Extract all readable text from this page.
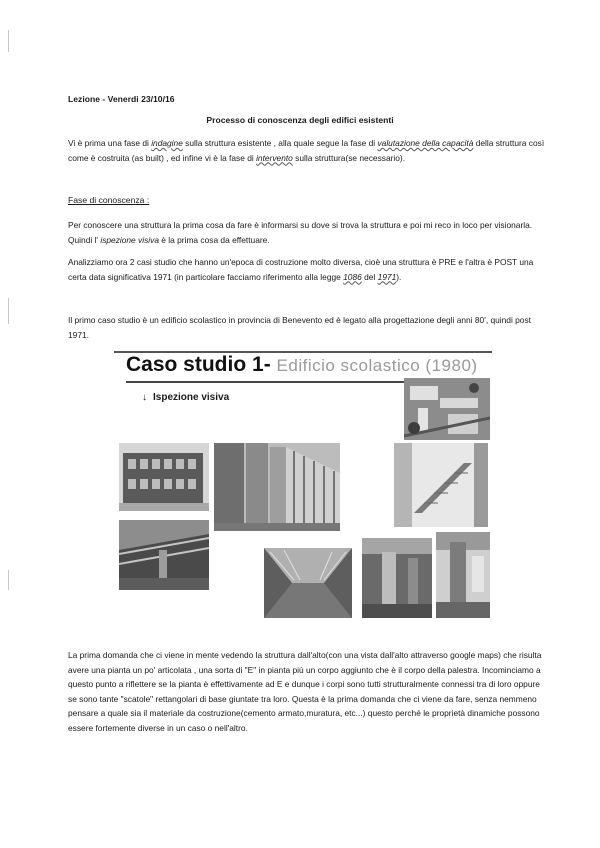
Lezione - Venerdi 23/10/16
Processo di conoscenza degli edifici esistenti

Vi è prima una fase di indagine sulla struttura esistente , alla quale segue la fase di valutazione della capacità della struttura così come è costruita (as built) , ed infine vi è la fase di intervento sulla struttura(se necessario).

Fase di conoscenza :

Per conoscere una struttura la prima cosa da fare è informarsi su dove si trova la struttura e poi mi reco in loco per visionarla. Quindi l' ispezione visiva è la prima cosa da effettuare.

Analizziamo ora 2 casi studio che hanno un'epoca di costruzione molto diversa, cioè una struttura è PRE e l'altra è POST una certa data significativa 1971 (in particolare facciamo riferimento alla legge 1086 del 1971).

Il primo caso studio è un edificio scolastico in provincia di Benevento ed è legato alla progettazione degli anni 80', quindi post 1971.

Caso studio 1- Edificio scolastico (1980)
↓ Ispezione visiva

La prima domanda che ci viene in mente vedendo la struttura dall'alto(con una vista dall'alto attraverso google maps) che risulta avere una pianta un po' articolata , una sorta di "E" in pianta più un corpo aggiunto che è il corpo della palestra. Incominciamo a questo punto a riflettere se la pianta è effettivamente ad E e dunque i corpi sono tutti strutturalmente connessi tra di loro oppure se sono tante "scatole" rettangolari di base giuntate tra loro. Questa è la prima domanda che ci viene da fare, senza nemmeno pensare a quale sia il materiale da costruzione(cemento armato,muratura, etc...) questo perché le proprietà dinamiche possono essere fortemente diverse in un caso o nell'altro.
